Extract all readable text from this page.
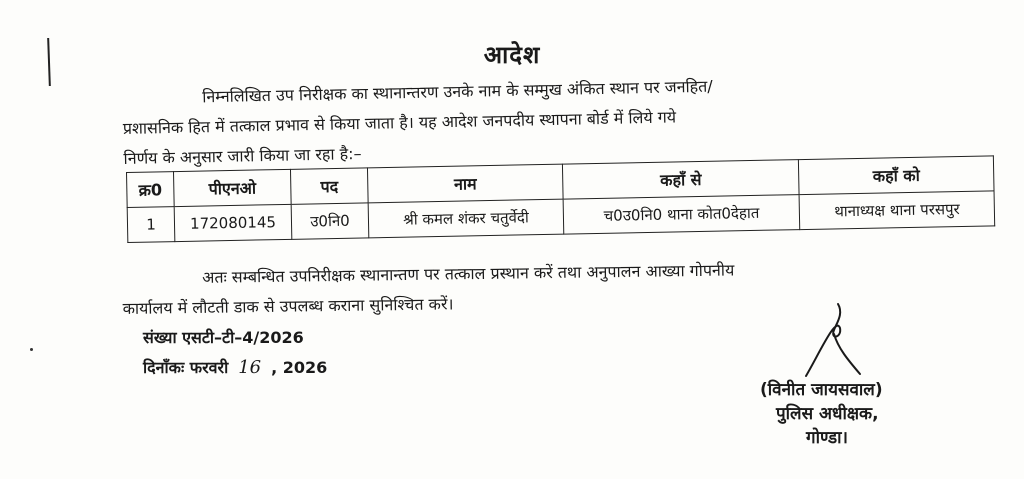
आदेश
निम्नलिखित उप निरीक्षक का स्थानान्तरण उनके नाम के सम्मुख अंकित स्थान पर जनहित/
प्रशासनिक हित में तत्काल प्रभाव से किया जाता है। यह आदेश जनपदीय स्थापना बोर्ड में लिये गये
निर्णय के अनुसार जारी किया जा रहा है:–
क्र0	पीएनओ	पद	नाम	कहाँ से	कहाँ को
1	172080145	उ0नि0	श्री कमल शंकर चतुर्वेदी	च0उ0नि0 थाना कोत0देहात	थानाध्यक्ष थाना परसपुर
अतः सम्बन्धित उपनिरीक्षक स्थानान्तण पर तत्काल प्रस्थान करें तथा अनुपालन आख्या गोपनीय
कार्यालय में लौटती डाक से उपलब्ध कराना सुनिश्चित करें।
संख्या एसटी–टी–4/2026
दिनाँकः फरवरी 16 , 2026
(विनीत जायसवाल)
पुलिस अधीक्षक,
गोण्डा।
